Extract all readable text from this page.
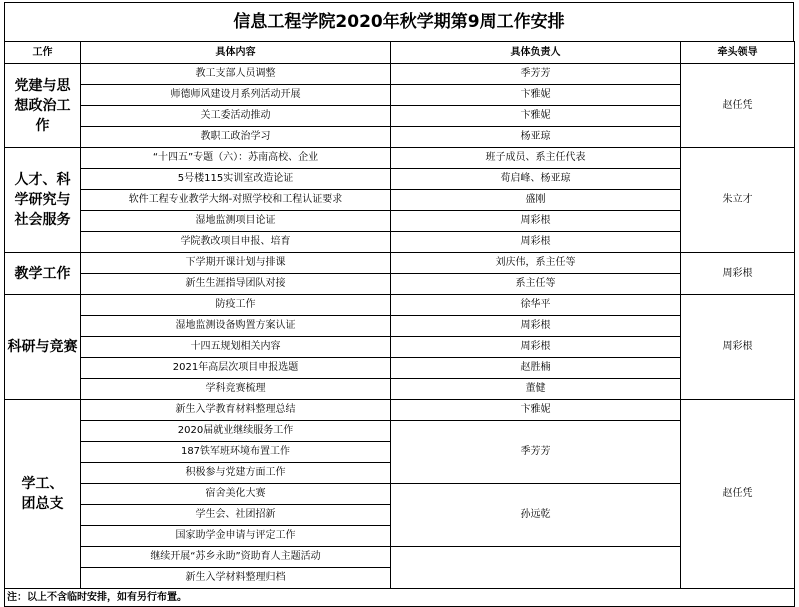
信息工程学院2020年秋学期第9周工作安排
工作	具体内容	具体负责人	牵头领导
党建与思想政治工作	教工支部人员调整	季芳芳	赵任凭
	师德师风建设月系列活动开展	卞雅妮	
	关工委活动推动	卞雅妮	
	教职工政治学习	杨亚琼	
人才、科学研究与社会服务	“十四五”专题（六）：苏南高校、企业	班子成员、系主任代表	朱立才
	5号楼115实训室改造论证	荀启峰、杨亚琼	
	软件工程专业教学大纲-对照学校和工程认证要求	盛刚	
	湿地监测项目论证	周彩根	
	学院教改项目申报、培育	周彩根	
教学工作	下学期开课计划与排课	刘庆伟，系主任等	周彩根
	新生生涯指导团队对接	系主任等	
科研与竞赛	防疫工作	徐华平	周彩根
	湿地监测设备购置方案认证	周彩根	
	十四五规划相关内容	周彩根	
	2021年高层次项目申报选题	赵胜楠	
	学科竞赛梳理	董健	
学工、团总支	新生入学教育材料整理总结	卞雅妮	赵任凭
	2020届就业继续服务工作	季芳芳	
	187铁军班环境布置工作		
	积极参与党建方面工作		
	宿舍美化大赛	孙远乾	
	学生会、社团招新		
	国家助学金申请与评定工作		
	继续开展“苏乡永助”资助育人主题活动		
	新生入学材料整理归档		
注：以上不含临时安排，如有另行布置。			
